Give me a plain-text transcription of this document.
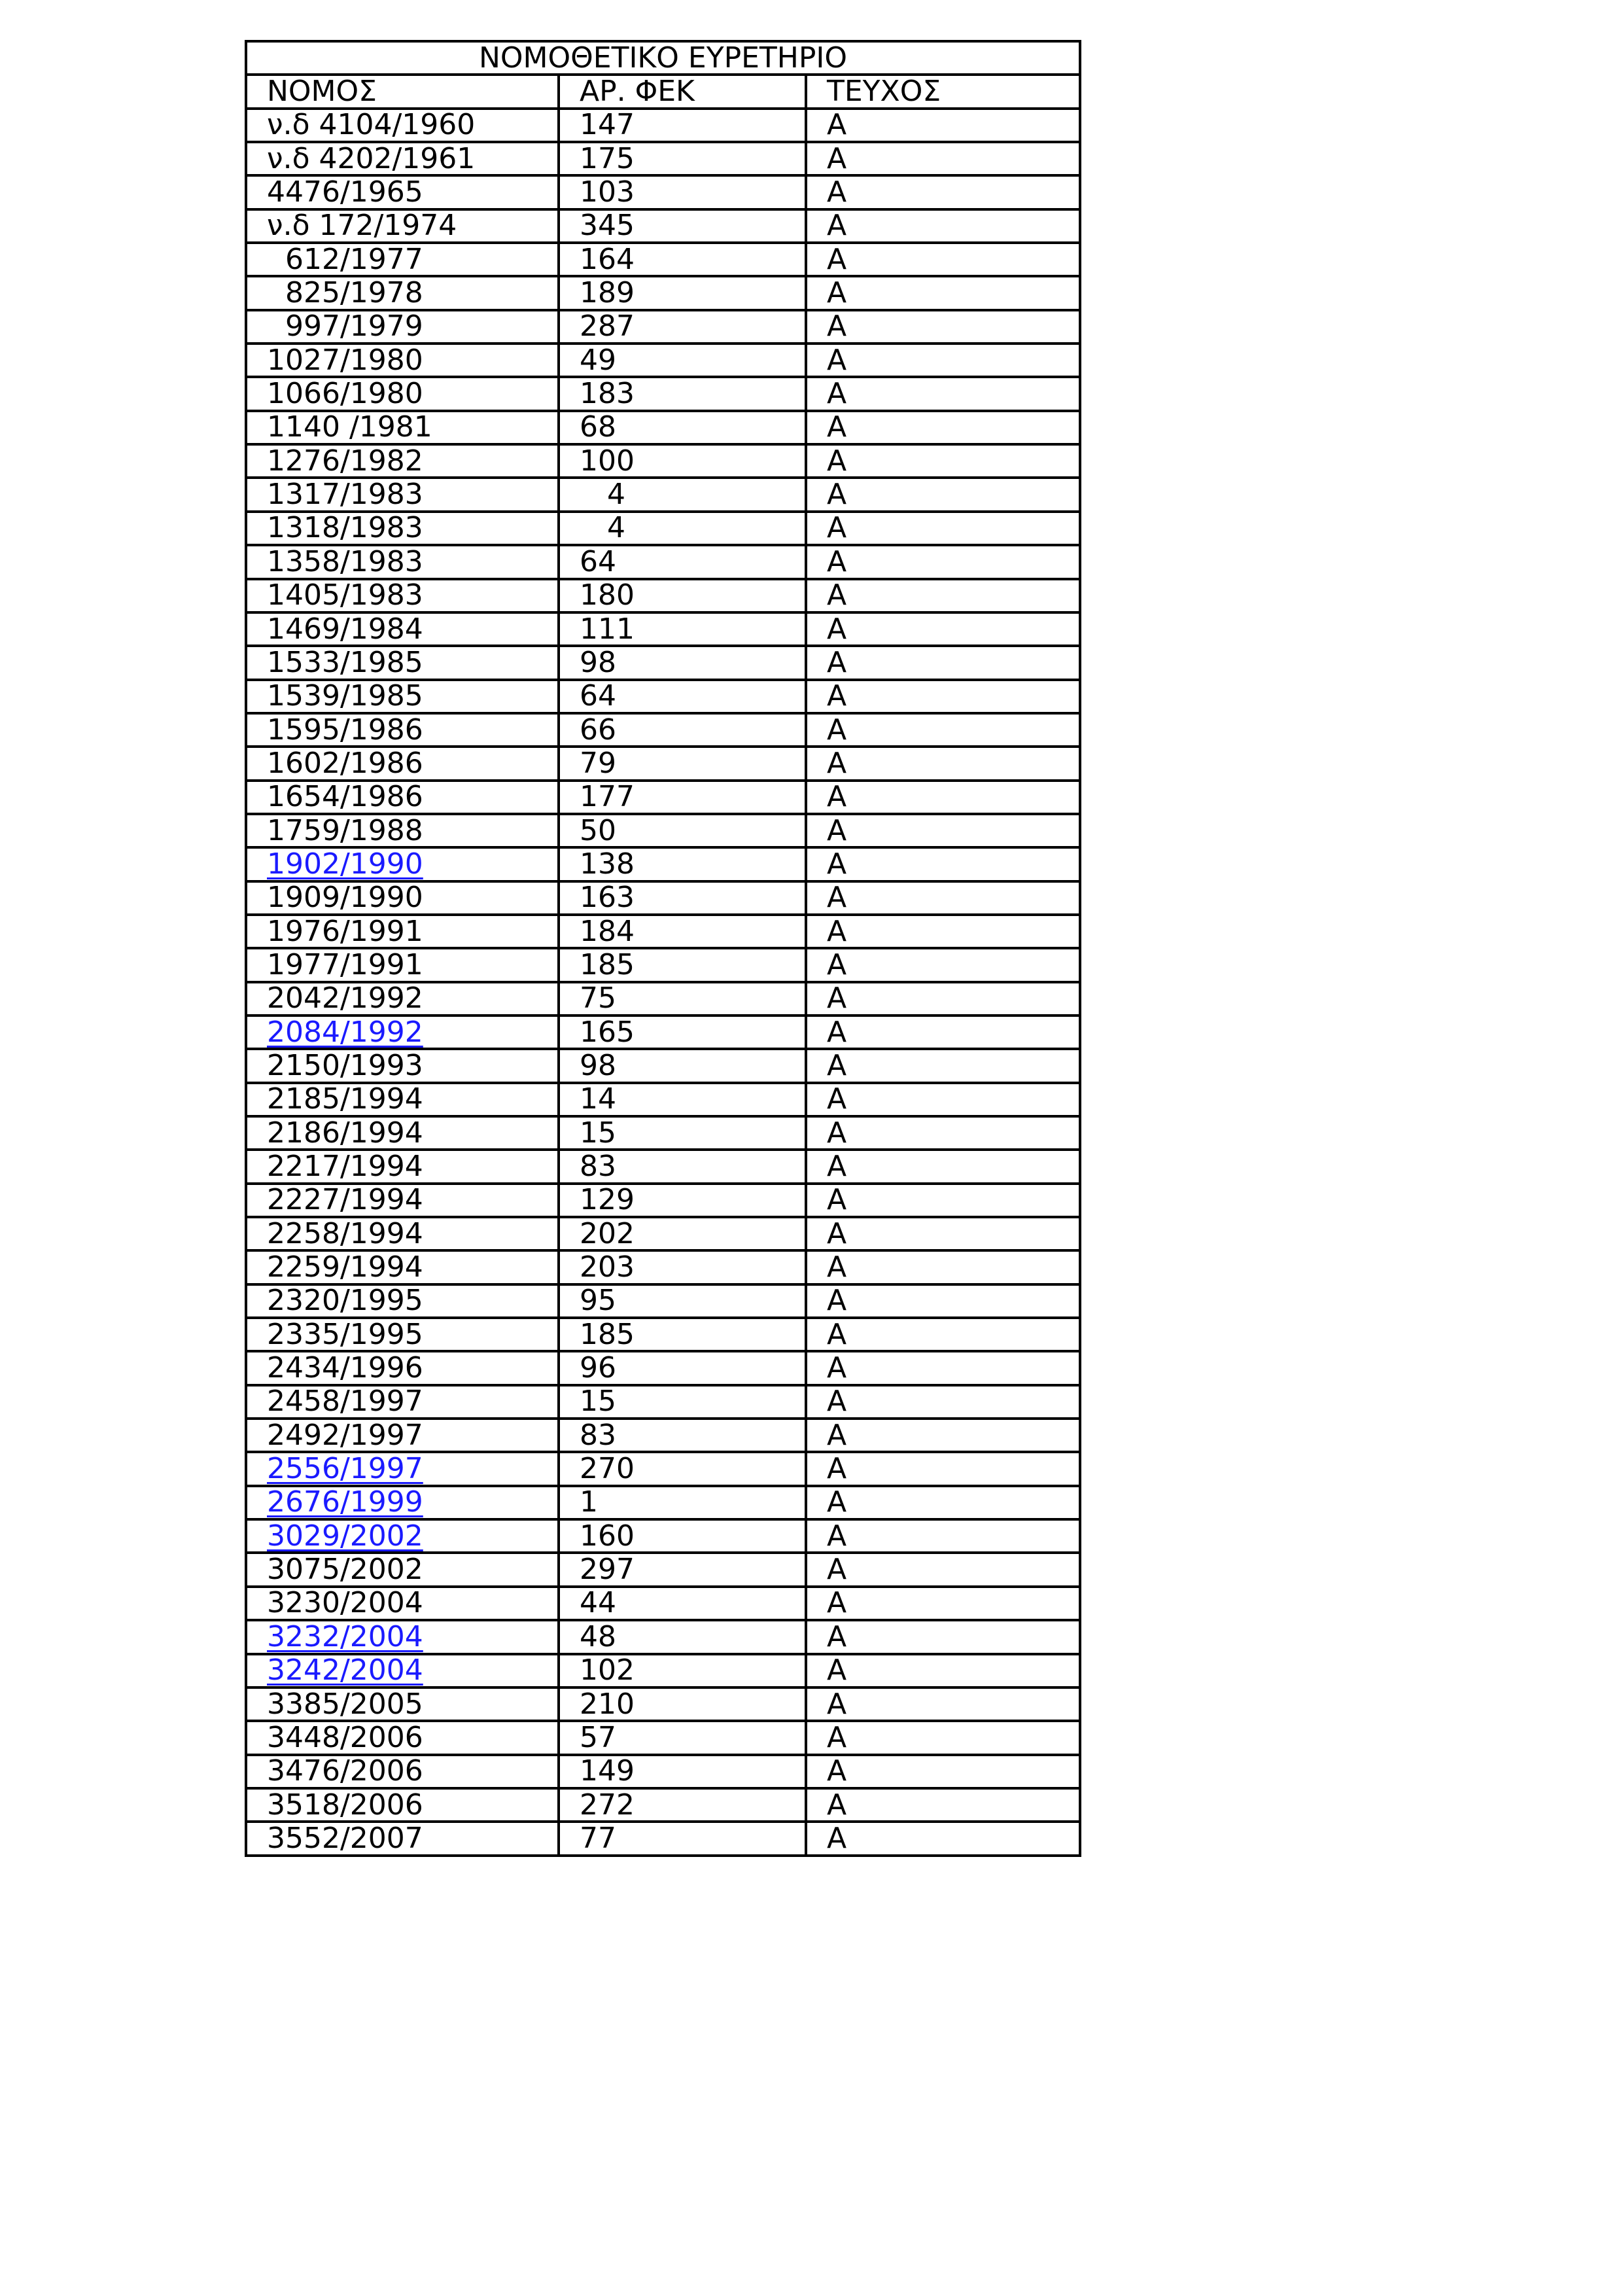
ΝΟΜΟΘΕΤΙΚΟ ΕΥΡΕΤΗΡΙΟ		
ΝΟΜΟΣ	ΑΡ. ΦΕΚ	ΤΕΥΧΟΣ
ν.δ 4104/1960	147	Α
ν.δ 4202/1961	175	Α
4476/1965	103	Α
ν.δ 172/1974	345	Α
612/1977	164	Α
825/1978	189	Α
997/1979	287	Α
1027/1980	49	Α
1066/1980	183	Α
1140 /1981	68	Α
1276/1982	100	Α
1317/1983	4	Α
1318/1983	4	Α
1358/1983	64	Α
1405/1983	180	Α
1469/1984	111	Α
1533/1985	98	Α
1539/1985	64	Α
1595/1986	66	Α
1602/1986	79	Α
1654/1986	177	Α
1759/1988	50	Α
1902/1990	138	Α
1909/1990	163	Α
1976/1991	184	Α
1977/1991	185	Α
2042/1992	75	Α
2084/1992	165	Α
2150/1993	98	Α
2185/1994	14	Α
2186/1994	15	Α
2217/1994	83	Α
2227/1994	129	Α
2258/1994	202	Α
2259/1994	203	Α
2320/1995	95	Α
2335/1995	185	Α
2434/1996	96	Α
2458/1997	15	Α
2492/1997	83	Α
2556/1997	270	Α
2676/1999	1	Α
3029/2002	160	Α
3075/2002	297	Α
3230/2004	44	Α
3232/2004	48	Α
3242/2004	102	Α
3385/2005	210	Α
3448/2006	57	Α
3476/2006	149	Α
3518/2006	272	Α
3552/2007	77	Α
